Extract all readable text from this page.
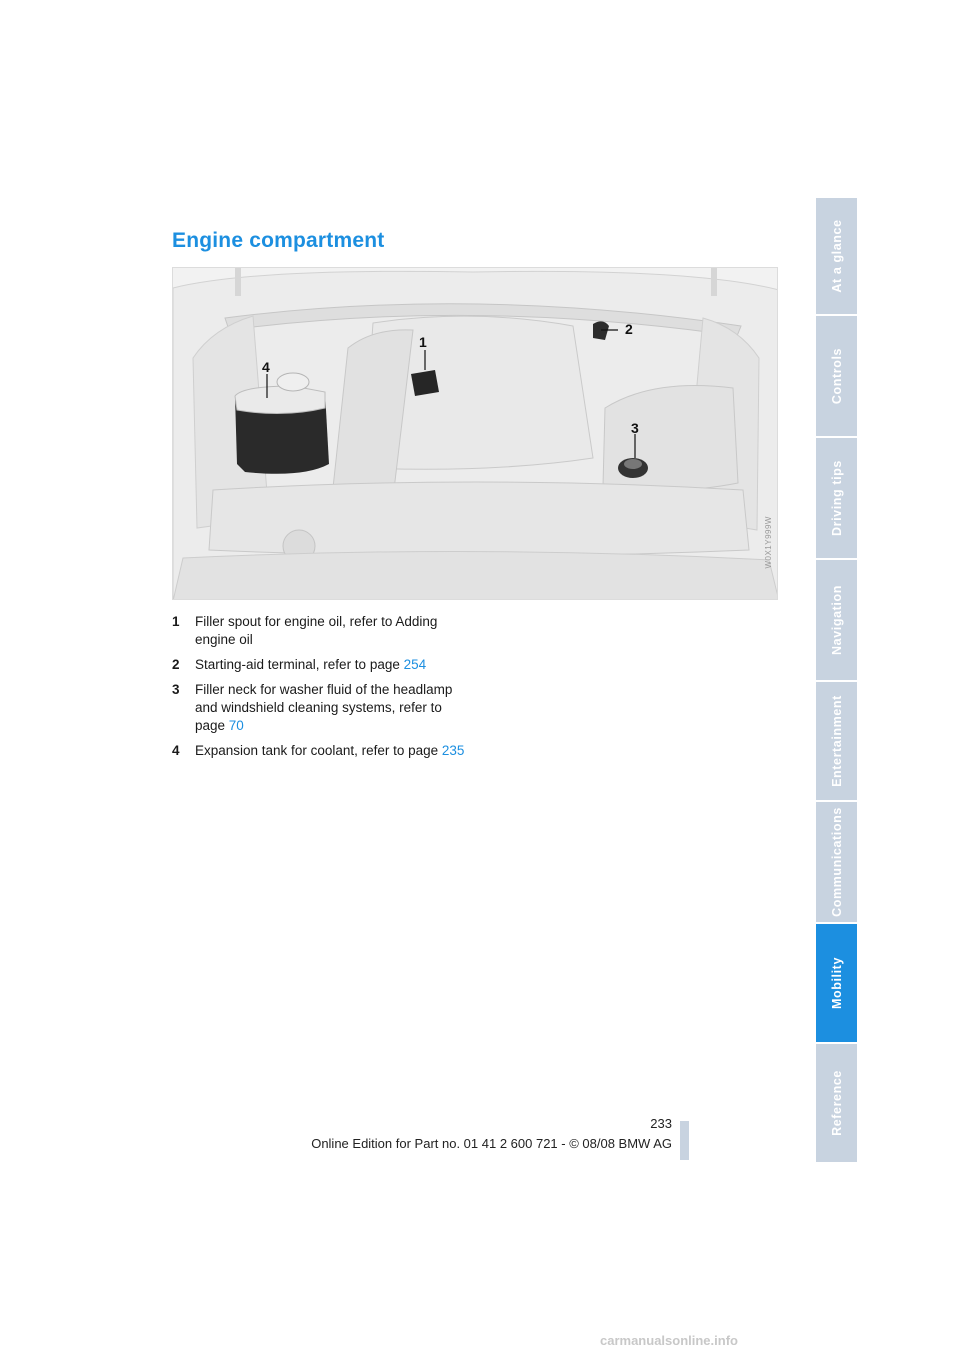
Engine compartment
1
2
3
4
W0X1Y999W
1	Filler spout for engine oil, refer to Adding engine oil
2	Starting-aid terminal, refer to page 254
3	Filler neck for washer fluid of the headlamp and windshield cleaning systems, refer to page 70
4	Expansion tank for coolant, refer to page 235
At a glance
Controls
Driving tips
Navigation
Entertainment
Communications
Mobility
Reference
233
Online Edition for Part no. 01 41 2 600 721 - © 08/08 BMW AG
carmanualsonline.info
